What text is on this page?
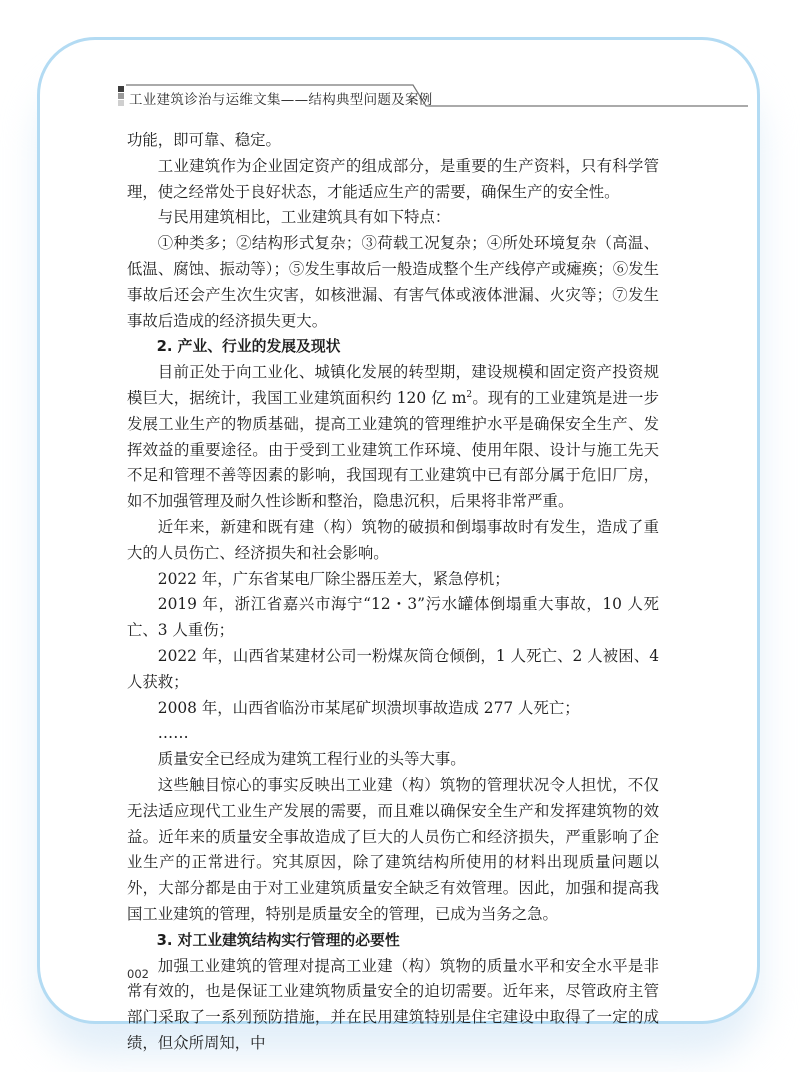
工业建筑诊治与运维文集——结构典型问题及案例

功能，即可靠、稳定。

工业建筑作为企业固定资产的组成部分，是重要的生产资料，只有科学管理，使之经常处于良好状态，才能适应生产的需要，确保生产的安全性。

与民用建筑相比，工业建筑具有如下特点：

①种类多；②结构形式复杂；③荷载工况复杂；④所处环境复杂（高温、低温、腐蚀、振动等）；⑤发生事故后一般造成整个生产线停产或瘫痪；⑥发生事故后还会产生次生灾害，如核泄漏、有害气体或液体泄漏、火灾等；⑦发生事故后造成的经济损失更大。

2. 产业、行业的发展及现状

目前正处于向工业化、城镇化发展的转型期，建设规模和固定资产投资规模巨大，据统计，我国工业建筑面积约 120 亿 $m^2$。现有的工业建筑是进一步发展工业生产的物质基础，提高工业建筑的管理维护水平是确保安全生产、发挥效益的重要途径。由于受到工业建筑工作环境、使用年限、设计与施工先天不足和管理不善等因素的影响，我国现有工业建筑中已有部分属于危旧厂房，如不加强管理及耐久性诊断和整治，隐患沉积，后果将非常严重。

近年来，新建和既有建（构）筑物的破损和倒塌事故时有发生，造成了重大的人员伤亡、经济损失和社会影响。

2022 年，广东省某电厂除尘器压差大，紧急停机；

2019 年，浙江省嘉兴市海宁“12・3”污水罐体倒塌重大事故，10 人死亡、3 人重伤；

2022 年，山西省某建材公司一粉煤灰筒仓倾倒，1 人死亡、2 人被困、4 人获救；

2008 年，山西省临汾市某尾矿坝溃坝事故造成 277 人死亡；

……

质量安全已经成为建筑工程行业的头等大事。

这些触目惊心的事实反映出工业建（构）筑物的管理状况令人担忧，不仅无法适应现代工业生产发展的需要，而且难以确保安全生产和发挥建筑物的效益。近年来的质量安全事故造成了巨大的人员伤亡和经济损失，严重影响了企业生产的正常进行。究其原因，除了建筑结构所使用的材料出现质量问题以外，大部分都是由于对工业建筑质量安全缺乏有效管理。因此，加强和提高我国工业建筑的管理，特别是质量安全的管理，已成为当务之急。

3. 对工业建筑结构实行管理的必要性

加强工业建筑的管理对提高工业建（构）筑物的质量水平和安全水平是非常有效的，也是保证工业建筑物质量安全的迫切需要。近年来，尽管政府主管部门采取了一系列预防措施，并在民用建筑特别是住宅建设中取得了一定的成绩，但众所周知，中

002
